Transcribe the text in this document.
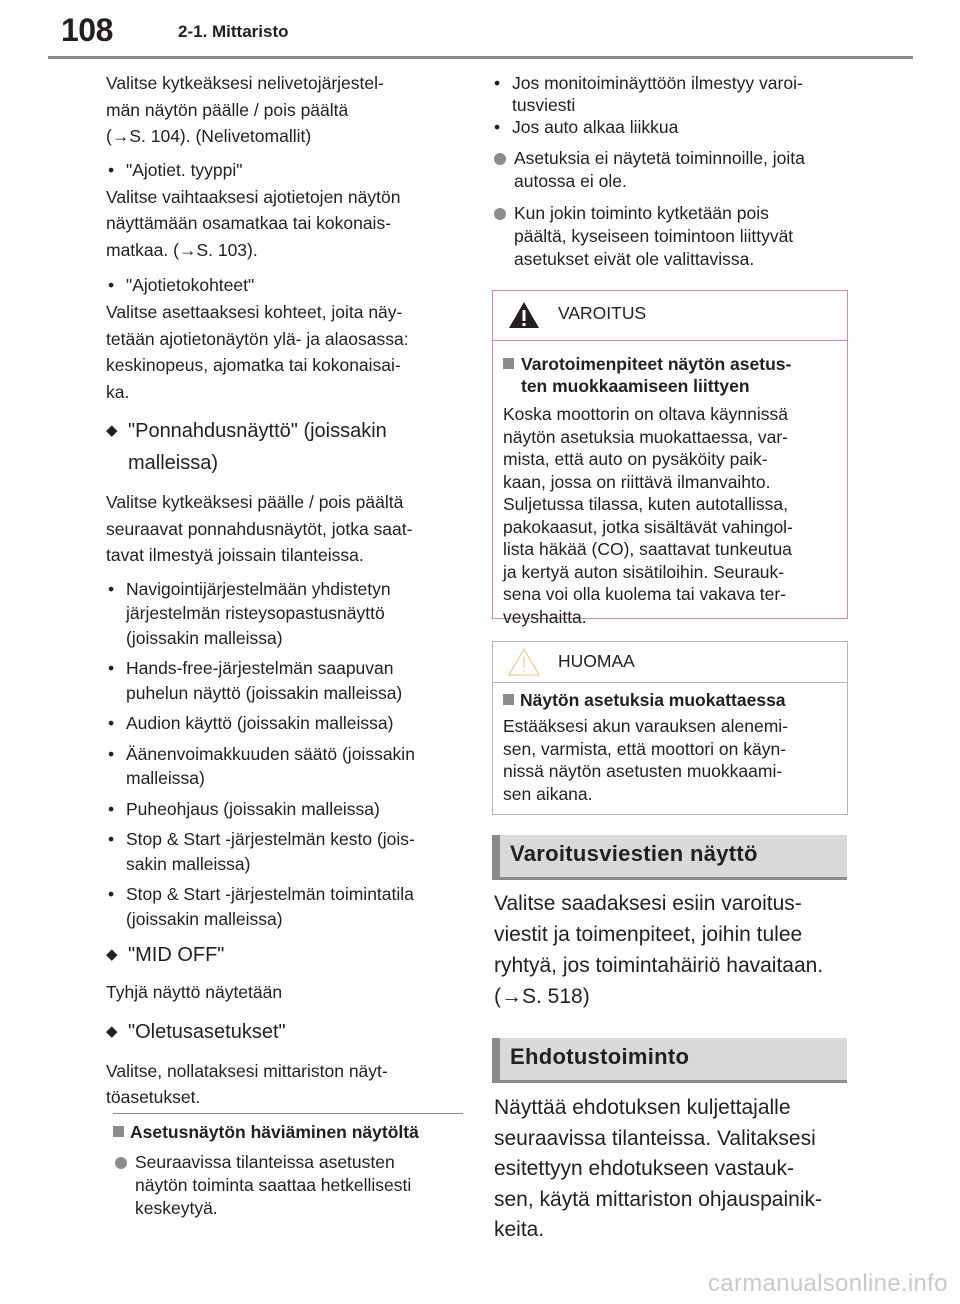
108	2-1. Mittaristo
Valitse kytkeäksesi nelivetojärjestel-
män näytön päälle / pois päältä
(→S. 104). (Nelivetomallit)
• "Ajotiet. tyyppi"
Valitse vaihtaaksesi ajotietojen näytön
näyttämään osamatkaa tai kokonais-
matkaa. (→S. 103).
• "Ajotietokohteet"
Valitse asettaaksesi kohteet, joita näy-
tetään ajotietonäytön ylä- ja alaosassa:
keskinopeus, ajomatka tai kokonaisai-
ka.
◆ "Ponnahdusnäyttö" (joissakin
malleissa)
Valitse kytkeäksesi päälle / pois päältä
seuraavat ponnahdusnäytöt, jotka saat-
tavat ilmestyä joissain tilanteissa.
• Navigointijärjestelmään yhdistetyn
järjestelmän risteysopastusnäyttö
(joissakin malleissa)
• Hands-free-järjestelmän saapuvan
puhelun näyttö (joissakin malleissa)
• Audion käyttö (joissakin malleissa)
• Äänenvoimakkuuden säätö (joissakin
malleissa)
• Puheohjaus (joissakin malleissa)
• Stop & Start -järjestelmän kesto (jois-
sakin malleissa)
• Stop & Start -järjestelmän toimintatila
(joissakin malleissa)
◆ "MID OFF"
Tyhjä näyttö näytetään
◆ "Oletusasetukset"
Valitse, nollataksesi mittariston näyt-
töasetukset.
Asetusnäytön häviäminen näytöltä
Seuraavissa tilanteissa asetusten
näytön toiminta saattaa hetkellisesti
keskeytyä.
• Jos monitoiminäyttöön ilmestyy varoi-
tusviesti
• Jos auto alkaa liikkua
Asetuksia ei näytetä toiminnoille, joita
autossa ei ole.
Kun jokin toiminto kytketään pois
päältä, kyseiseen toimintoon liittyvät
asetukset eivät ole valittavissa.
VAROITUS
Varotoimenpiteet näytön asetus-
ten muokkaamiseen liittyen
Koska moottorin on oltava käynnissä
näytön asetuksia muokattaessa, var-
mista, että auto on pysäköity paik-
kaan, jossa on riittävä ilmanvaihto.
Suljetussa tilassa, kuten autotallissa,
pakokaasut, jotka sisältävät vahingol-
lista häkää (CO), saattavat tunkeutua
ja kertyä auton sisätiloihin. Seurauk-
sena voi olla kuolema tai vakava ter-
veyshaitta.
HUOMAA
Näytön asetuksia muokattaessa
Estääksesi akun varauksen alenemi-
sen, varmista, että moottori on käyn-
nissä näytön asetusten muokkaami-
sen aikana.
Varoitusviestien näyttö

Valitse saadaksesi esiin varoitus-
viestit ja toimenpiteet, joihin tulee
ryhtyä, jos toimintahäiriö havaitaan.
(→S. 518)

Ehdotustoiminto

Näyttää ehdotuksen kuljettajalle
seuraavissa tilanteissa. Valitaksesi
esitettyyn ehdotukseen vastauk-
sen, käytä mittariston ohjauspainik-
keita.

carmanualsonline.info
